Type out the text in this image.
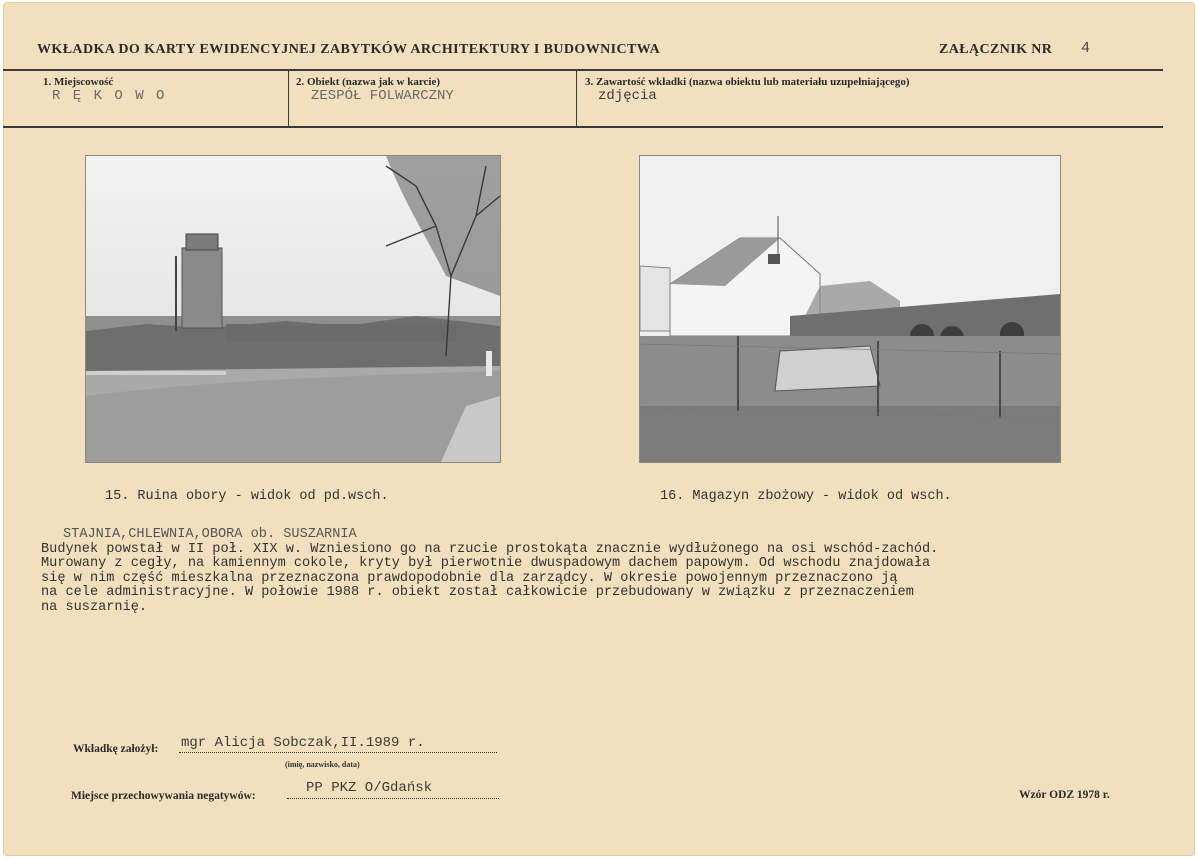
WKŁADKA DO KARTY EWIDENCYJNEJ ZABYTKÓW ARCHITEKTURY I BUDOWNICTWA	ZAŁĄCZNIK NR 4
1. Miejscowość
R Ę K O W O
2. Obiekt (nazwa jak w karcie)
ZESPÓŁ FOLWARCZNY
3. Zawartość wkładki (nazwa obiektu lub materiału uzupełniającego)
zdjęcia
15. Ruina obory - widok od pd.wsch.	16. Magazyn zbożowy - widok od wsch.
STAJNIA,CHLEWNIA,OBORA ob. SUSZARNIA
Budynek powstał w II poł. XIX w. Wzniesiono go na rzucie prostokąta znacznie wydłużonego na osi wschód-zachód.
Murowany z cegły, na kamiennym cokole, kryty był pierwotnie dwuspadowym dachem papowym. Od wschodu znajdowała
się w nim część mieszkalna przeznaczona prawdopodobnie dla zarządcy. W okresie powojennym przeznaczono ją
na cele administracyjne. W połowie 1988 r. obiekt został całkowicie przebudowany w związku z przeznaczeniem
na suszarnię.
Wkładkę założył: mgr Alicja Sobczak,II.1989 r.
(imię, nazwisko, data)
Miejsce przechowywania negatywów:	PP PKZ O/Gdańsk	Wzór ODZ 1978 r.
